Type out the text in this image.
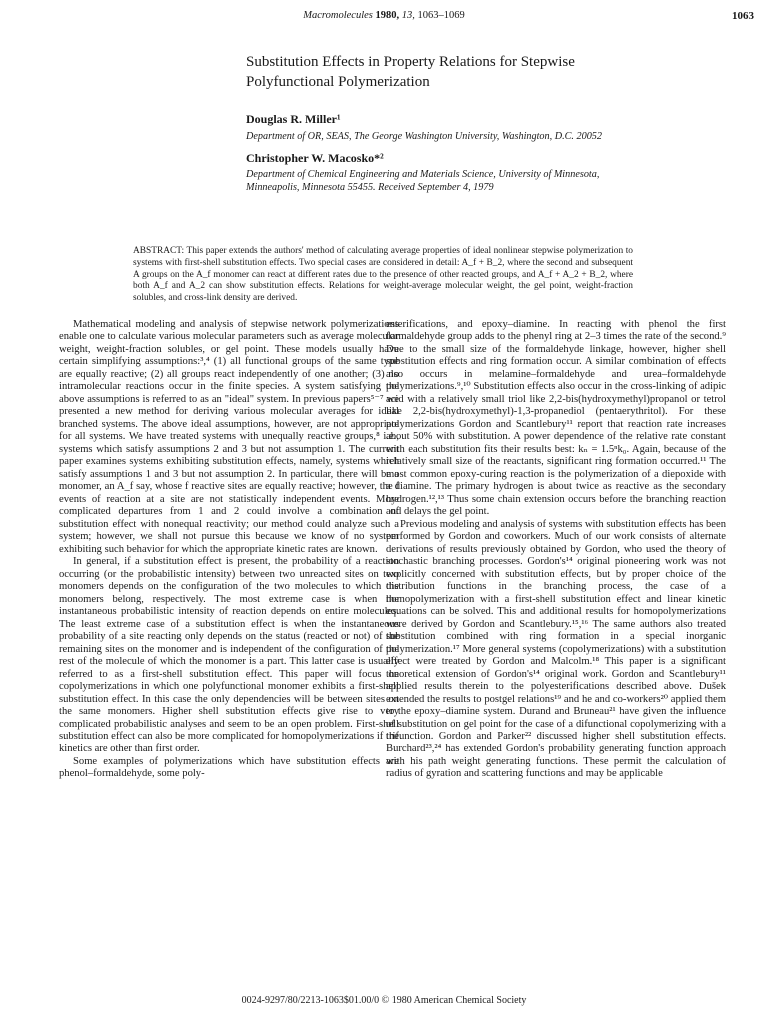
Macromolecules 1980, 13, 1063–1069	1063
Substitution Effects in Property Relations for Stepwise
Polyfunctional Polymerization
Douglas R. Miller¹
Department of OR, SEAS, The George Washington University, Washington, D.C. 20052
Christopher W. Macosko*²
Department of Chemical Engineering and Materials Science, University of Minnesota,
Minneapolis, Minnesota 55455. Received September 4, 1979
ABSTRACT: This paper extends the authors' method of calculating average properties of ideal nonlinear stepwise polymerization to systems with first-shell substitution effects. Two special cases are considered in detail: A_f + B_2, where the second and subsequent A groups on the A_f monomer can react at different rates due to the presence of other reacted groups, and A_f + A_2 + B_2, where both A_f and A_2 can show substitution effects. Relations for weight-average molecular weight, the gel point, weight-fraction solubles, and cross-link density are derived.

Mathematical modeling and analysis of stepwise network polymerizations enable one to calculate various molecular parameters such as average molecular weight, weight-fraction solubles, or gel point. These models usually have certain simplifying assumptions:³,⁴ (1) all functional groups of the same type are equally reactive; (2) all groups react independently of one another; (3) no intramolecular reactions occur in the finite species. A system satisfying the above assumptions is referred to as an "ideal" system. In previous papers⁵⁻⁷ we presented a new method for deriving various molecular averages for ideal branched systems. The above ideal assumptions, however, are not appropriate for all systems. We have treated systems with unequally reactive groups,⁸ i.e., systems which satisfy assumptions 2 and 3 but not assumption 1. The current paper examines systems exhibiting substitution effects, namely, systems which satisfy assumptions 1 and 3 but not assumption 2. In particular, there will be a monomer, an A_f say, whose f reactive sites are equally reactive; however, the f events of reaction at a site are not statistically independent events. More complicated departures from 1 and 2 could involve a combination of substitution effect with nonequal reactivity; our method could analyze such a system; however, we shall not pursue this because we know of no system exhibiting such behavior for which the appropriate kinetic rates are known.

In general, if a substitution effect is present, the probability of a reaction occurring (or the probabilistic intensity) between two unreacted sites on two monomers depends on the configuration of the two molecules to which the monomers belong, respectively. The most extreme case is when the instantaneous probabilistic intensity of reaction depends on entire molecules. The least extreme case of a substitution effect is when the instantaneous probability of a site reacting only depends on the status (reacted or not) of the remaining sites on the monomer and is independent of the configuration of the rest of the molecule of which the monomer is a part. This latter case is usually referred to as a first-shell substitution effect. This paper will focus on copolymerizations in which one polyfunctional monomer exhibits a first-shell substitution effect. In this case the only dependencies will be between sites on the same monomers. Higher shell substitution effects give rise to very complicated probabilistic analyses and seem to be an open problem. First-shell substitution effect can also be more complicated for homopolymerizations if the kinetics are other than first order.

Some examples of polymerizations which have substitution effects are phenol–formaldehyde, some poly-

esterifications, and epoxy–diamine. In reacting with phenol the first formaldehyde group adds to the phenyl ring at 2–3 times the rate of the second.⁹ Due to the small size of the formaldehyde linkage, however, higher shell substitution effects and ring formation occur. A similar combination of effects also occurs in melamine–formaldehyde and urea–formaldehyde polymerizations.⁹,¹⁰ Substitution effects also occur in the cross-linking of adipic acid with a relatively small triol like 2,2-bis(hydroxymethyl)propanol or tetrol like 2,2-bis(hydroxymethyl)-1,3-propanediol (pentaerythritol). For these polymerizations Gordon and Scantlebury¹¹ report that reaction rate increases about 50% with substitution. A power dependence of the relative rate constant with each substitution fits their results best: kₙ = 1.5ⁿk₀. Again, because of the relatively small size of the reactants, significant ring formation occurred.¹¹ The most common epoxy-curing reaction is the polymerization of a diepoxide with a diamine. The primary hydrogen is about twice as reactive as the secondary hydrogen.¹²,¹³ Thus some chain extension occurs before the branching reaction and delays the gel point.

Previous modeling and analysis of systems with substitution effects has been performed by Gordon and coworkers. Much of our work consists of alternate derivations of results previously obtained by Gordon, who used the theory of stochastic branching processes. Gordon's¹⁴ original pioneering work was not explicitly concerned with substitution effects, but by proper choice of the distribution functions in the branching process, the case of a homopolymerization with a first-shell substitution effect and linear kinetic equations can be solved. This and additional results for homopolymerizations were derived by Gordon and Scantlebury.¹⁵,¹⁶ The same authors also treated substitution combined with ring formation in a special inorganic polymerization.¹⁷ More general systems (copolymerizations) with a substitution effect were treated by Gordon and Malcolm.¹⁸ This paper is a significant theoretical extension of Gordon's¹⁴ original work. Gordon and Scantlebury¹¹ applied results therein to the polyesterifications described above. Dušek extended the results to postgel relations¹⁹ and he and co-workers²⁰ applied them to the epoxy–diamine system. Durand and Bruneau²¹ have given the influence of substitution on gel point for the case of a difunctional copolymerizing with a trifunction. Gordon and Parker²² discussed higher shell substitution effects. Burchard²³,²⁴ has extended Gordon's probability generating function approach with his path weight generating functions. These permit the calculation of radius of gyration and scattering functions and may be applicable

0024-9297/80/2213-1063$01.00/0 © 1980 American Chemical Society
